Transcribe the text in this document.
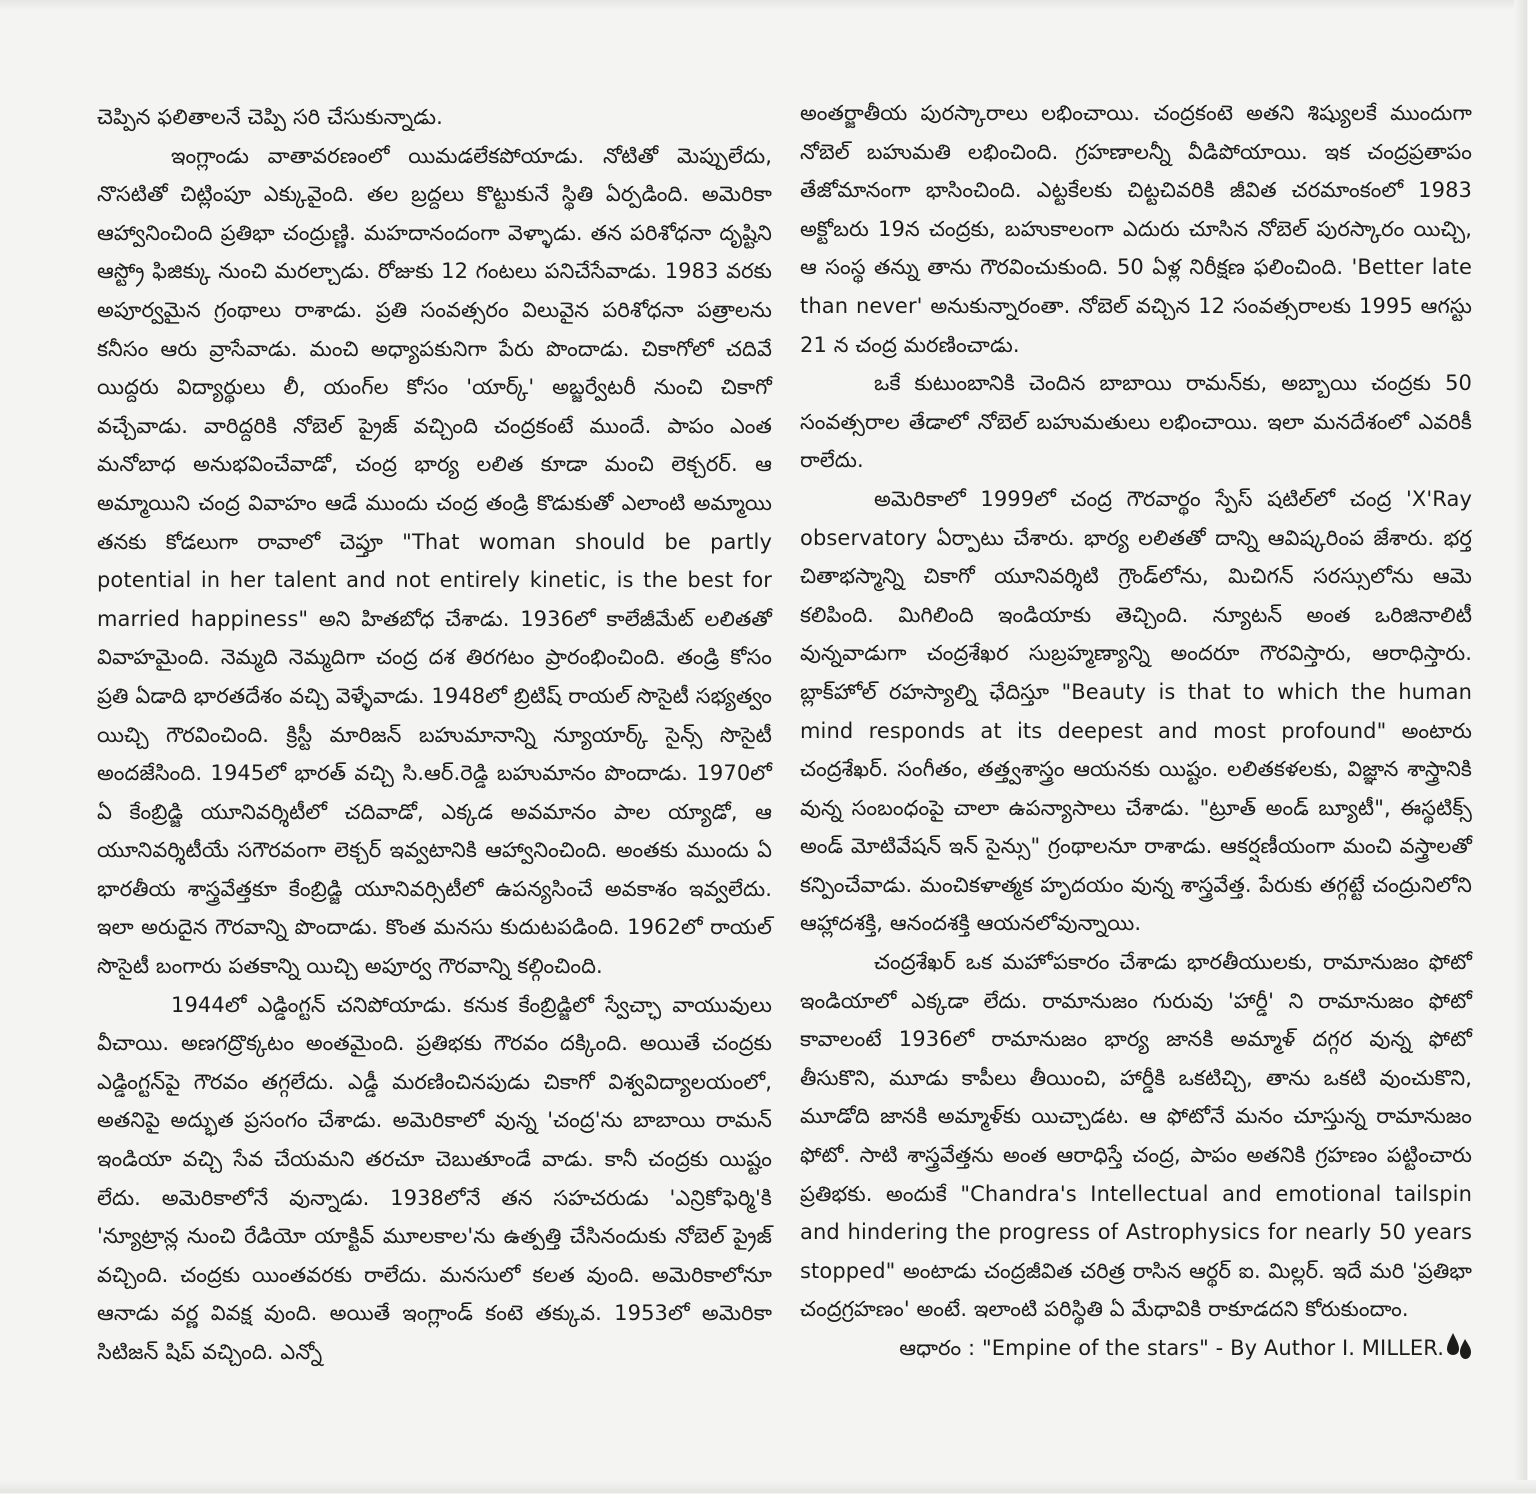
చెప్పిన ఫలితాలనే చెప్పి సరి చేసుకున్నాడు.

ఇంగ్లాండు వాతావరణంలో యిమడలేకపోయాడు. నోటితో మెప్పులేదు, నొసటితో చిట్లింపూ ఎక్కువైంది. తల బ్రద్దలు కొట్టుకునే స్థితి ఏర్పడింది. అమెరికా ఆహ్వానించింది ప్రతిభా చంద్రుణ్ణి. మహదానందంగా వెళ్ళాడు. తన పరిశోధనా దృష్టిని ఆస్ట్రో ఫిజిక్కు నుంచి మరల్చాడు. రోజుకు 12 గంటలు పనిచేసేవాడు. 1983 వరకు అపూర్వమైన గ్రంథాలు రాశాడు. ప్రతి సంవత్సరం విలువైన పరిశోధనా పత్రాలను కనీసం ఆరు వ్రాసేవాడు. మంచి అధ్యాపకునిగా పేరు పొందాడు. చికాగోలో చదివే యిద్దరు విద్యార్థులు లీ, యంగ్‌ల కోసం 'యార్క్' అబ్జర్వేటరీ నుంచి చికాగో వచ్చేవాడు. వారిద్దరికి నోబెల్ ప్రైజ్ వచ్చింది చంద్రకంటే ముందే. పాపం ఎంత మనోబాధ అనుభవించేవాడో, చంద్ర భార్య లలిత కూడా మంచి లెక్చరర్. ఆ అమ్మాయిని చంద్ర వివాహం ఆడే ముందు చంద్ర తండ్రి కొడుకుతో ఎలాంటి అమ్మాయి తనకు కోడలుగా రావాలో చెప్తూ "That woman should be partly potential in her talent and not entirely kinetic, is the best for married happiness" అని హితబోధ చేశాడు. 1936లో కాలేజీమేట్ లలితతో వివాహమైంది. నెమ్మది నెమ్మదిగా చంద్ర దశ తిరగటం ప్రారంభించింది. తండ్రి కోసం ప్రతి ఏడాది భారతదేశం వచ్చి వెళ్ళేవాడు. 1948లో బ్రిటిష్ రాయల్ సొసైటీ సభ్యత్వం యిచ్చి గౌరవించింది. క్రిస్టీ మారిజన్ బహుమానాన్ని న్యూయార్క్ సైన్స్ సొసైటీ అందజేసింది. 1945లో భారత్ వచ్చి సి.ఆర్.రెడ్డి బహుమానం పొందాడు. 1970లో ఏ కేంబ్రిడ్జి యూనివర్శిటీలో చదివాడో, ఎక్కడ అవమానం పాల య్యాడో, ఆ యూనివర్శిటీయే సగౌరవంగా లెక్చర్ ఇవ్వటానికి ఆహ్వానించింది. అంతకు ముందు ఏ భారతీయ శాస్త్రవేత్తకూ కేంబ్రిడ్జి యూనివర్సిటీలో ఉపన్యసించే అవకాశం ఇవ్వలేదు. ఇలా అరుదైన గౌరవాన్ని పొందాడు. కొంత మనసు కుదుటపడింది. 1962లో రాయల్ సొసైటీ బంగారు పతకాన్ని యిచ్చి అపూర్వ గౌరవాన్ని కల్గించింది.

1944లో ఎడ్డింగ్టన్ చనిపోయాడు. కనుక కేంబ్రిడ్జిలో స్వేచ్ఛా వాయువులు వీచాయి. అణగద్రొక్కటం అంతమైంది. ప్రతిభకు గౌరవం దక్కింది. అయితే చంద్రకు ఎడ్డింగ్టన్‌పై గౌరవం తగ్గలేదు. ఎడ్డీ మరణించినపుడు చికాగో విశ్వవిద్యాలయంలో, అతనిపై అద్భుత ప్రసంగం చేశాడు. అమెరికాలో వున్న 'చంద్ర'ను బాబాయి రామన్ ఇండియా వచ్చి సేవ చేయమని తరచూ చెబుతూండే వాడు. కానీ చంద్రకు యిష్టం లేదు. అమెరికాలోనే వున్నాడు. 1938లోనే తన సహచరుడు 'ఎన్రికోఫెర్మి'కి 'న్యూట్రాన్ల నుంచి రేడియో యాక్టివ్ మూలకాల'ను ఉత్పత్తి చేసినందుకు నోబెల్ ప్రైజ్ వచ్చింది. చంద్రకు యింతవరకు రాలేదు. మనసులో కలత వుంది. అమెరికాలోనూ ఆనాడు వర్ణ వివక్ష వుంది. అయితే ఇంగ్లాండ్ కంటె తక్కువ. 1953లో అమెరికా సిటిజన్ షిప్ వచ్చింది. ఎన్నో

అంతర్జాతీయ పురస్కారాలు లభించాయి. చంద్రకంటె అతని శిష్యులకే ముందుగా నోబెల్ బహుమతి లభించింది. గ్రహణాలన్నీ వీడిపోయాయి. ఇక చంద్రప్రతాపం తేజోమానంగా భాసించింది. ఎట్టకేలకు చిట్టచివరికి జీవిత చరమాంకంలో 1983 అక్టోబరు 19న చంద్రకు, బహుకాలంగా ఎదురు చూసిన నోబెల్ పురస్కారం యిచ్చి, ఆ సంస్థ తన్ను తాను గౌరవించుకుంది. 50 ఏళ్ల నిరీక్షణ ఫలించింది. 'Better late than never' అనుకున్నారంతా. నోబెల్ వచ్చిన 12 సంవత్సరాలకు 1995 ఆగస్టు 21 న చంద్ర మరణించాడు.

ఒకే కుటుంబానికి చెందిన బాబాయి రామన్‌కు, అబ్బాయి చంద్రకు 50 సంవత్సరాల తేడాలో నోబెల్ బహుమతులు లభించాయి. ఇలా మనదేశంలో ఎవరికీ రాలేదు.

అమెరికాలో 1999లో చంద్ర గౌరవార్థం స్పేస్ షటిల్‌లో చంద్ర 'X'Ray observatory ఏర్పాటు చేశారు. భార్య లలితతో దాన్ని ఆవిష్కరింప జేశారు. భర్త చితాభస్మాన్ని చికాగో యూనివర్శిటి గ్రౌండ్‌లోను, మిచిగన్ సరస్సులోను ఆమె కలిపింది. మిగిలింది ఇండియాకు తెచ్చింది. న్యూటన్ అంత ఒరిజినాలిటీ వున్నవాడుగా చంద్రశేఖర సుబ్రహ్మణ్యాన్ని అందరూ గౌరవిస్తారు, ఆరాధిస్తారు. బ్లాక్‌హోల్ రహస్యాల్ని ఛేదిస్తూ "Beauty is that to which the human mind responds at its deepest and most profound" అంటారు చంద్రశేఖర్. సంగీతం, తత్త్వశాస్త్రం ఆయనకు యిష్టం. లలితకళలకు, విజ్ఞాన శాస్త్రానికి వున్న సంబంధంపై చాలా ఉపన్యాసాలు చేశాడు. "ట్రూత్ అండ్ బ్యూటీ", ఈస్థటిక్స్ అండ్ మోటివేషన్ ఇన్ సైన్సు" గ్రంథాలనూ రాశాడు. ఆకర్షణీయంగా మంచి వస్త్రాలతో కన్పించేవాడు. మంచికళాత్మక హృదయం వున్న శాస్త్రవేత్త. పేరుకు తగ్గట్టే చంద్రునిలోని ఆహ్లాదశక్తి, ఆనందశక్తి ఆయనలోవున్నాయి.

చంద్రశేఖర్ ఒక మహోపకారం చేశాడు భారతీయులకు, రామానుజం ఫోటో ఇండియాలో ఎక్కడా లేదు. రామానుజం గురువు 'హార్డీ' ని రామానుజం ఫోటో కావాలంటే 1936లో రామానుజం భార్య జానకి అమ్మాళ్ దగ్గర వున్న ఫోటో తీసుకొని, మూడు కాపీలు తీయించి, హార్డీకి ఒకటిచ్చి, తాను ఒకటి వుంచుకొని, మూడోది జానకి అమ్మాళ్‌కు యిచ్చాడట. ఆ ఫోటోనే మనం చూస్తున్న రామానుజం ఫోటో. సాటి శాస్త్రవేత్తను అంత ఆరాధిస్తే చంద్ర, పాపం అతనికి గ్రహణం పట్టించారు ప్రతిభకు. అందుకే "Chandra's Intellectual and emotional tailspin and hindering the progress of Astrophysics for nearly 50 years stopped" అంటాడు చంద్రజీవిత చరిత్ర రాసిన ఆర్థర్ ఐ. మిల్లర్. ఇదే మరి 'ప్రతిభా చంద్రగ్రహణం' అంటే. ఇలాంటి పరిస్థితి ఏ మేధావికి రాకూడదని కోరుకుందాం.

ఆధారం : "Empine of the stars" - By Author I. MILLER.
